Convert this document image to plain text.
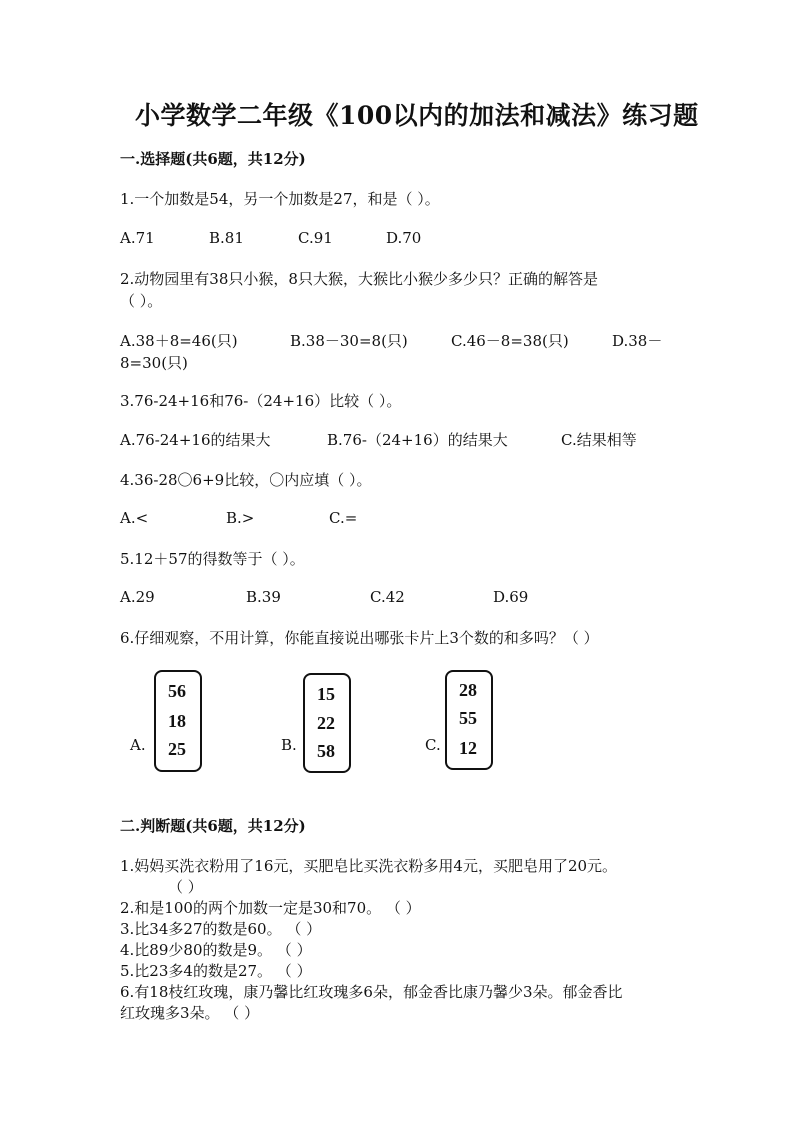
小学数学二年级《100以内的加法和减法》练习题
一.选择题(共6题，共12分)
1.一个加数是54，另一个加数是27，和是（ ）。
A.71	B.81	C.91	D.70
2.动物园里有38只小猴，8只大猴，大猴比小猴少多少只？正确的解答是
（ ）。
A.38＋8=46(只)	B.38－30=8(只)	C.46－8=38(只)	D.38－
8=30(只)
3.76-24+16和76-（24+16）比较（ ）。
A.76-24+16的结果大	B.76-（24+16）的结果大	C.结果相等
4.36-28〇6+9比较，〇内应填（ ）。
A.<	B.>	C.=
5.12＋57的得数等于（ ）。
A.29	B.39	C.42	D.69
6.仔细观察，不用计算，你能直接说出哪张卡片上3个数的和多吗？（ ）
A.
56
18
25	B.
15
22
58	C.
28
55
12
二.判断题(共6题，共12分)
1.妈妈买洗衣粉用了16元，买肥皂比买洗衣粉多用4元，买肥皂用了20元。
（ ）
2.和是100的两个加数一定是30和70。 （ ）
3.比34多27的数是60。 （ ）
4.比89少80的数是9。 （ ）
5.比23多4的数是27。 （ ）
6.有18枝红玫瑰，康乃馨比红玫瑰多6朵，郁金香比康乃馨少3朵。郁金香比
红玫瑰多3朵。 （ ）
